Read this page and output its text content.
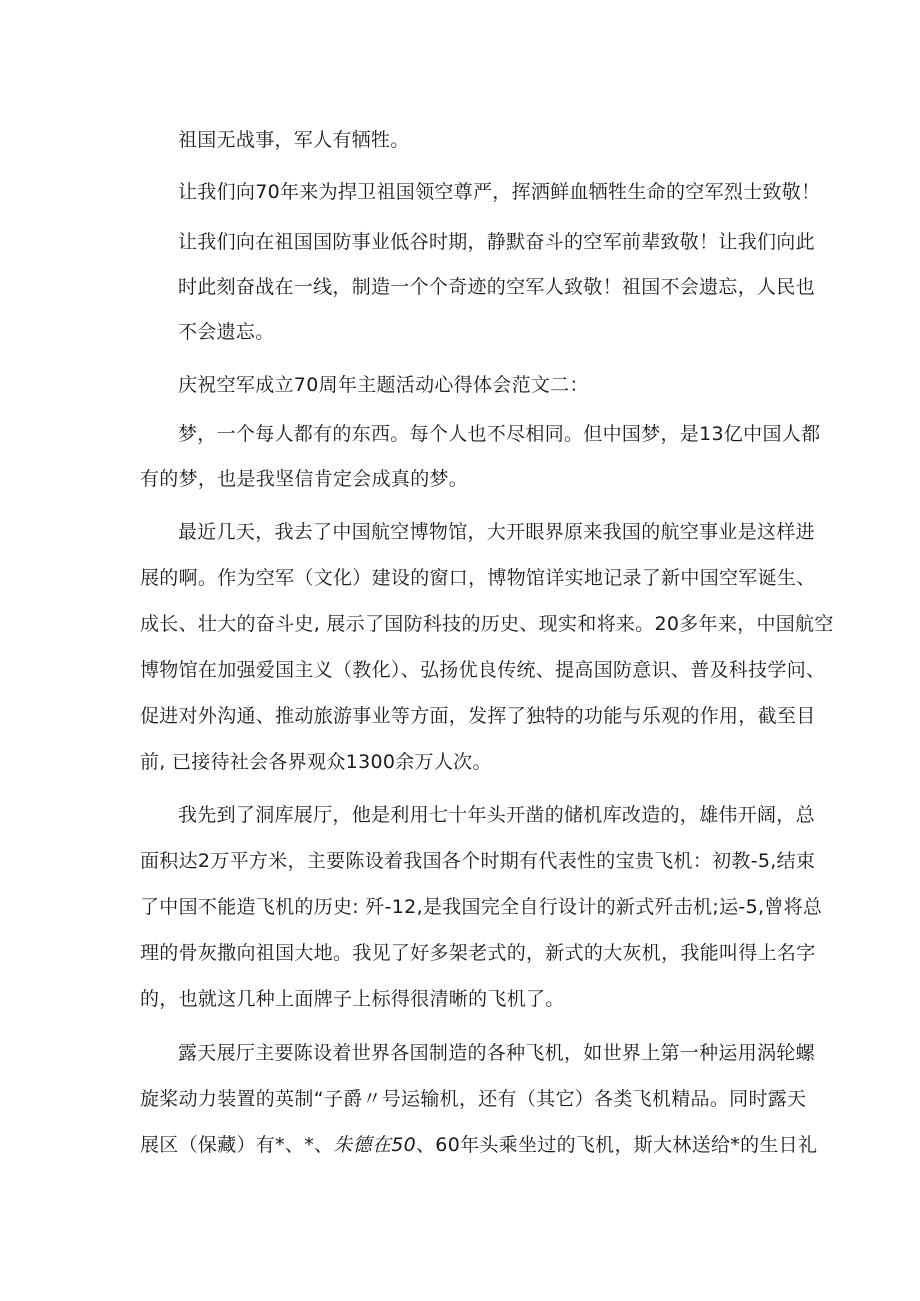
祖国无战事，军人有牺牲。
让我们向70年来为捍卫祖国领空尊严，挥洒鲜血牺牲生命的空军烈士致敬！
让我们向在祖国国防事业低谷时期，静默奋斗的空军前辈致敬！让我们向此
时此刻奋战在一线，制造一个个奇迹的空军人致敬！祖国不会遗忘，人民也
不会遗忘。
庆祝空军成立70周年主题活动心得体会范文二：
梦，一个每人都有的东西。每个人也不尽相同。但中国梦，是13亿中国人都
有的梦，也是我坚信肯定会成真的梦。
最近几天，我去了中国航空博物馆，大开眼界原来我国的航空事业是这样进
展的啊。作为空军（文化）建设的窗口，博物馆详实地记录了新中国空军诞生、
成长、壮大的奋斗史, 展示了国防科技的历史、现实和将来。20多年来，中国航空
博物馆在加强爱国主义（教化）、弘扬优良传统、提高国防意识、普及科技学问、
促进对外沟通、推动旅游事业等方面，发挥了独特的功能与乐观的作用，截至目
前, 已接待社会各界观众1300余万人次。
我先到了洞库展厅，他是利用七十年头开凿的储机库改造的，雄伟开阔，总
面积达2万平方米，主要陈设着我国各个时期有代表性的宝贵飞机：初教-5,结束
了中国不能造飞机的历史: 歼-12,是我国完全自行设计的新式歼击机;运-5,曾将总
理的骨灰撒向祖国大地。我见了好多架老式的，新式的大灰机，我能叫得上名字
的，也就这几种上面牌子上标得很清晰的飞机了。
露天展厅主要陈设着世界各国制造的各种飞机，如世界上第一种运用涡轮螺
旋桨动力装置的英制“子爵〃号运输机，还有（其它）各类飞机精品。同时露天
展区（保藏）有*、*、朱德在50、60年头乘坐过的飞机，斯大林送给*的生日礼
